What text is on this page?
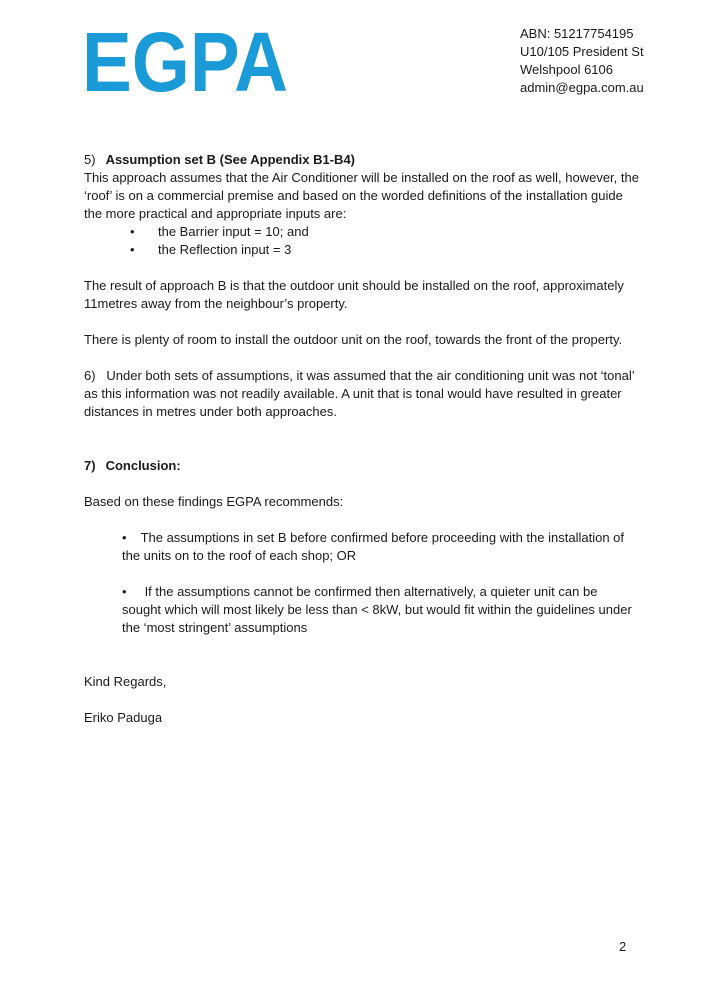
EGPA	ABN: 51217754195
U10/105 President St
Welshpool 6106
admin@egpa.com.au

5) Assumption set B (See Appendix B1-B4)

This approach assumes that the Air Conditioner will be installed on the roof as well, however, the ‘roof’ is on a commercial premise and based on the worded definitions of the installation guide the more practical and appropriate inputs are:

• the Barrier input = 10; and
• the Reflection input = 3

The result of approach B is that the outdoor unit should be installed on the roof, approximately 11metres away from the neighbour’s property.

There is plenty of room to install the outdoor unit on the roof, towards the front of the property.

6) Under both sets of assumptions, it was assumed that the air conditioning unit was not ‘tonal’ as this information was not readily available. A unit that is tonal would have resulted in greater distances in metres under both approaches.

7) Conclusion:

Based on these findings EGPA recommends:

• The assumptions in set B before confirmed before proceeding with the installation of the units on to the roof of each shop; OR

• If the assumptions cannot be confirmed then alternatively, a quieter unit can be sought which will most likely be less than < 8kW, but would fit within the guidelines under the ‘most stringent’ assumptions

Kind Regards,

Eriko Paduga

2
